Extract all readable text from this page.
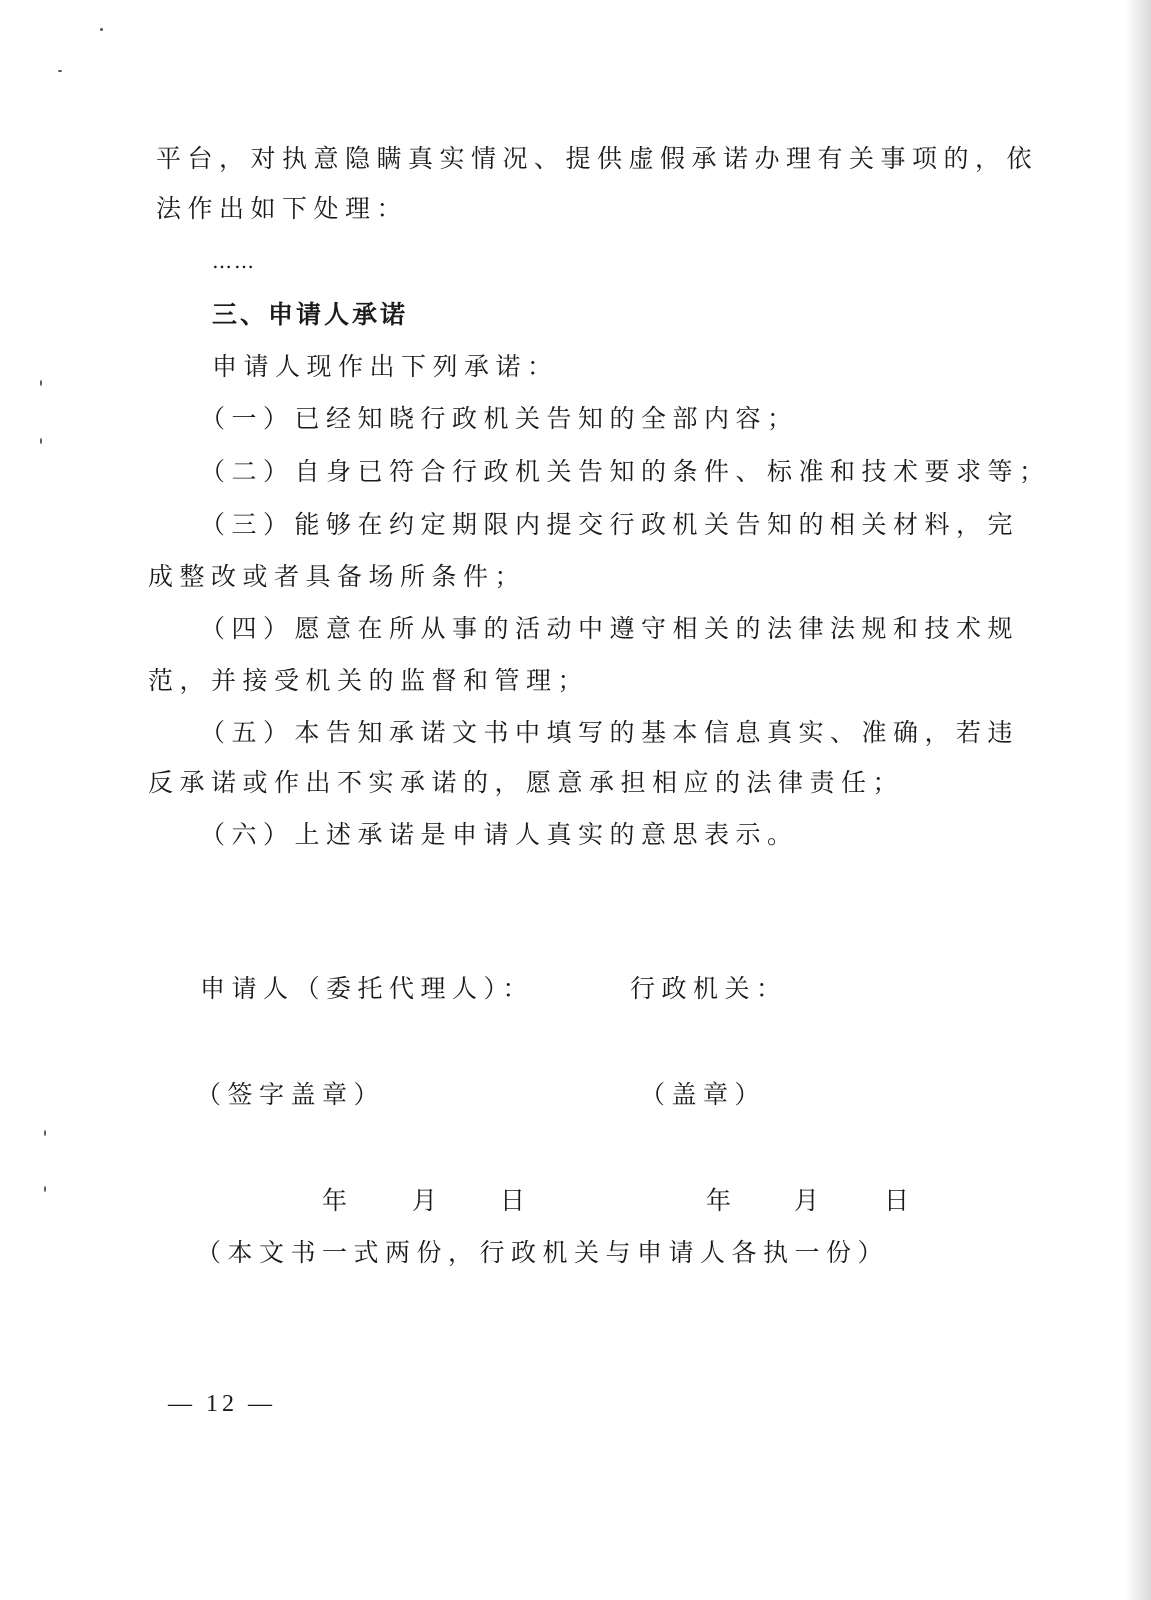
平台，对执意隐瞒真实情况、提供虚假承诺办理有关事项的，依
法作出如下处理：
……
三、申请人承诺
申请人现作出下列承诺：
（一）已经知晓行政机关告知的全部内容；
（二）自身已符合行政机关告知的条件、标准和技术要求等；
（三）能够在约定期限内提交行政机关告知的相关材料，完
成整改或者具备场所条件；
（四）愿意在所从事的活动中遵守相关的法律法规和技术规
范，并接受机关的监督和管理；
（五）本告知承诺文书中填写的基本信息真实、准确，若违
反承诺或作出不实承诺的，愿意承担相应的法律责任；
（六）上述承诺是申请人真实的意思表示。
申请人（委托代理人）：	行政机关：
（签字盖章）	（盖章）
年 月 日	年 月 日
（本文书一式两份，行政机关与申请人各执一份）
— 12 —
